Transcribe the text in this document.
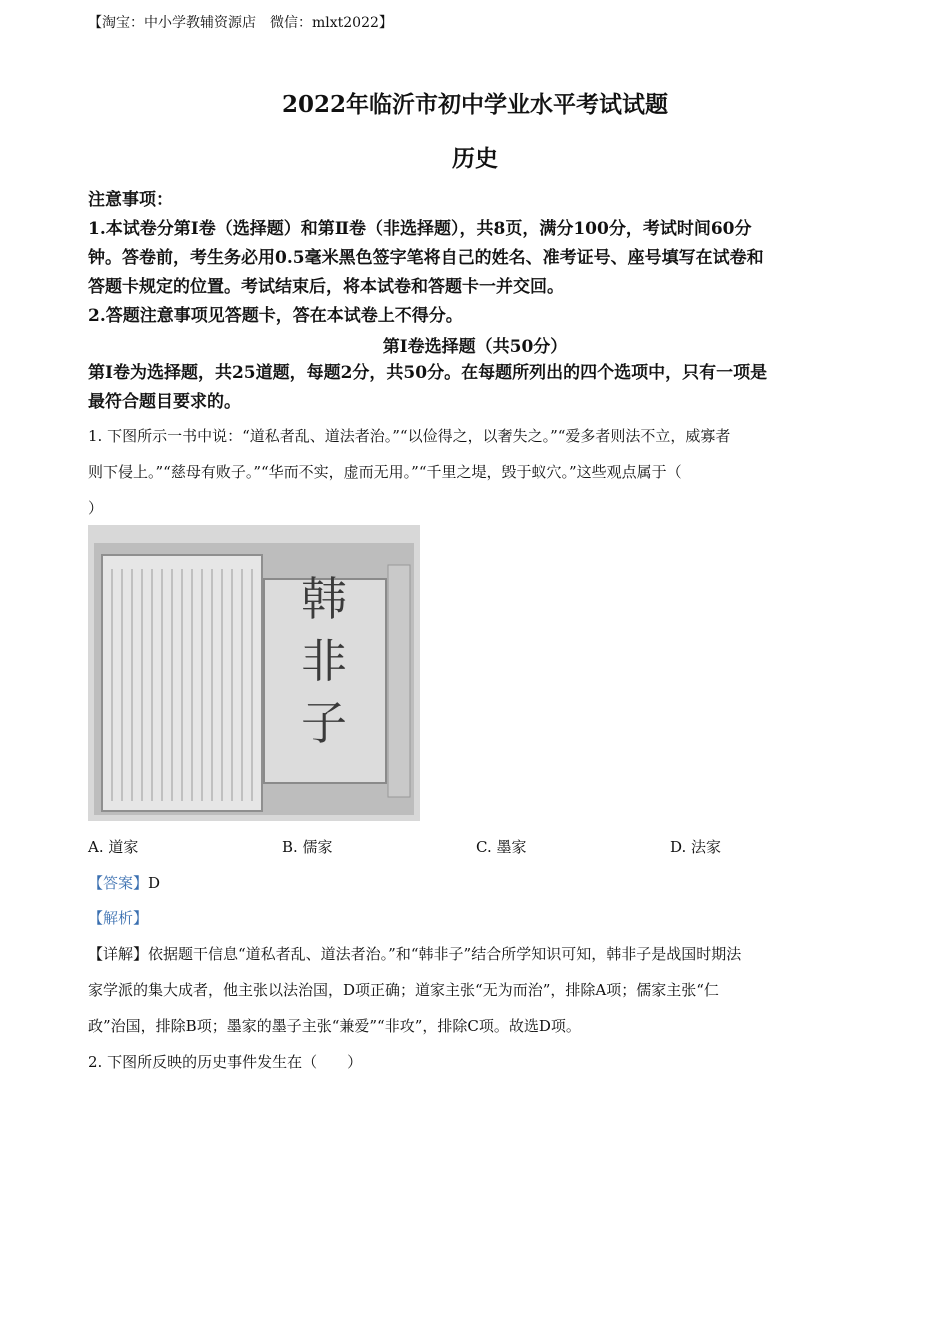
【淘宝：中小学教辅资源店　微信：mlxt2022】
2022年临沂市初中学业水平考试试题
历史
注意事项：
1.本试卷分第Ⅰ卷（选择题）和第Ⅱ卷（非选择题），共8页，满分100分，考试时间60分
钟。答卷前，考生务必用0.5毫米黑色签字笔将自己的姓名、准考证号、座号填写在试卷和
答题卡规定的位置。考试结束后，将本试卷和答题卡一并交回。
2.答题注意事项见答题卡，答在本试卷上不得分。
第Ⅰ卷选择题（共50分）
第Ⅰ卷为选择题，共25道题，每题2分，共50分。在每题所列出的四个选项中，只有一项是
最符合题目要求的。
1. 下图所示一书中说：“道私者乱、道法者治。”“以俭得之，以奢失之。”“爱多者则法不立，威寡者
则下侵上。”“慈母有败子。”“华而不实，虚而无用。”“千里之堤，毁于蚁穴。”这些观点属于（
）
韩非子
A. 道家	B. 儒家	C. 墨家	D. 法家
【答案】D
【解析】
【详解】依据题干信息“道私者乱、道法者治。”和“韩非子”结合所学知识可知，韩非子是战国时期法
家学派的集大成者，他主张以法治国，D项正确；道家主张“无为而治”，排除A项；儒家主张“仁
政”治国，排除B项；墨家的墨子主张“兼爱”“非攻”，排除C项。故选D项。
2. 下图所反映的历史事件发生在（　　）
